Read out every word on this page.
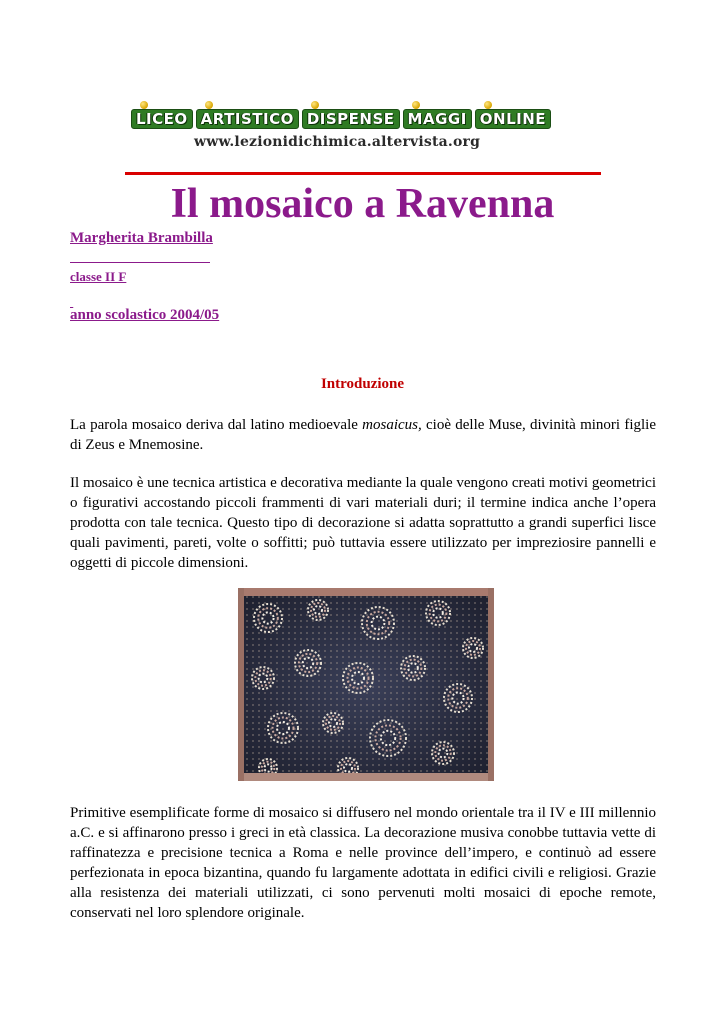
LICEO ARTISTICO DISPENSE MAGGI ONLINE
www.lezionidichimica.altervista.org
Il mosaico a Ravenna
Margherita Brambilla
classe II F

anno scolastico 2004/05
Introduzione

La parola mosaico deriva dal latino medioevale mosaicus, cioè delle Muse, divinità minori figlie di Zeus e Mnemosine.

Il mosaico è une tecnica artistica e decorativa mediante la quale vengono creati motivi geometrici o figurativi accostando piccoli frammenti di vari materiali duri; il termine indica anche l’opera prodotta con tale tecnica. Questo tipo di decorazione si adatta soprattutto a grandi superfici lisce quali pavimenti, pareti, volte o soffitti; può tuttavia essere utilizzato per impreziosire pannelli e oggetti di piccole dimensioni.

Primitive esemplificate forme di mosaico si diffusero nel mondo orientale tra il IV e III millennio a.C. e si affinarono presso i greci in età classica. La decorazione musiva conobbe tuttavia vette di raffinatezza e precisione tecnica a Roma e nelle province dell’impero, e continuò ad essere perfezionata in epoca bizantina, quando fu largamente adottata in edifici civili e religiosi. Grazie alla resistenza dei materiali utilizzati, ci sono pervenuti molti mosaici di epoche remote, conservati nel loro splendore originale.
